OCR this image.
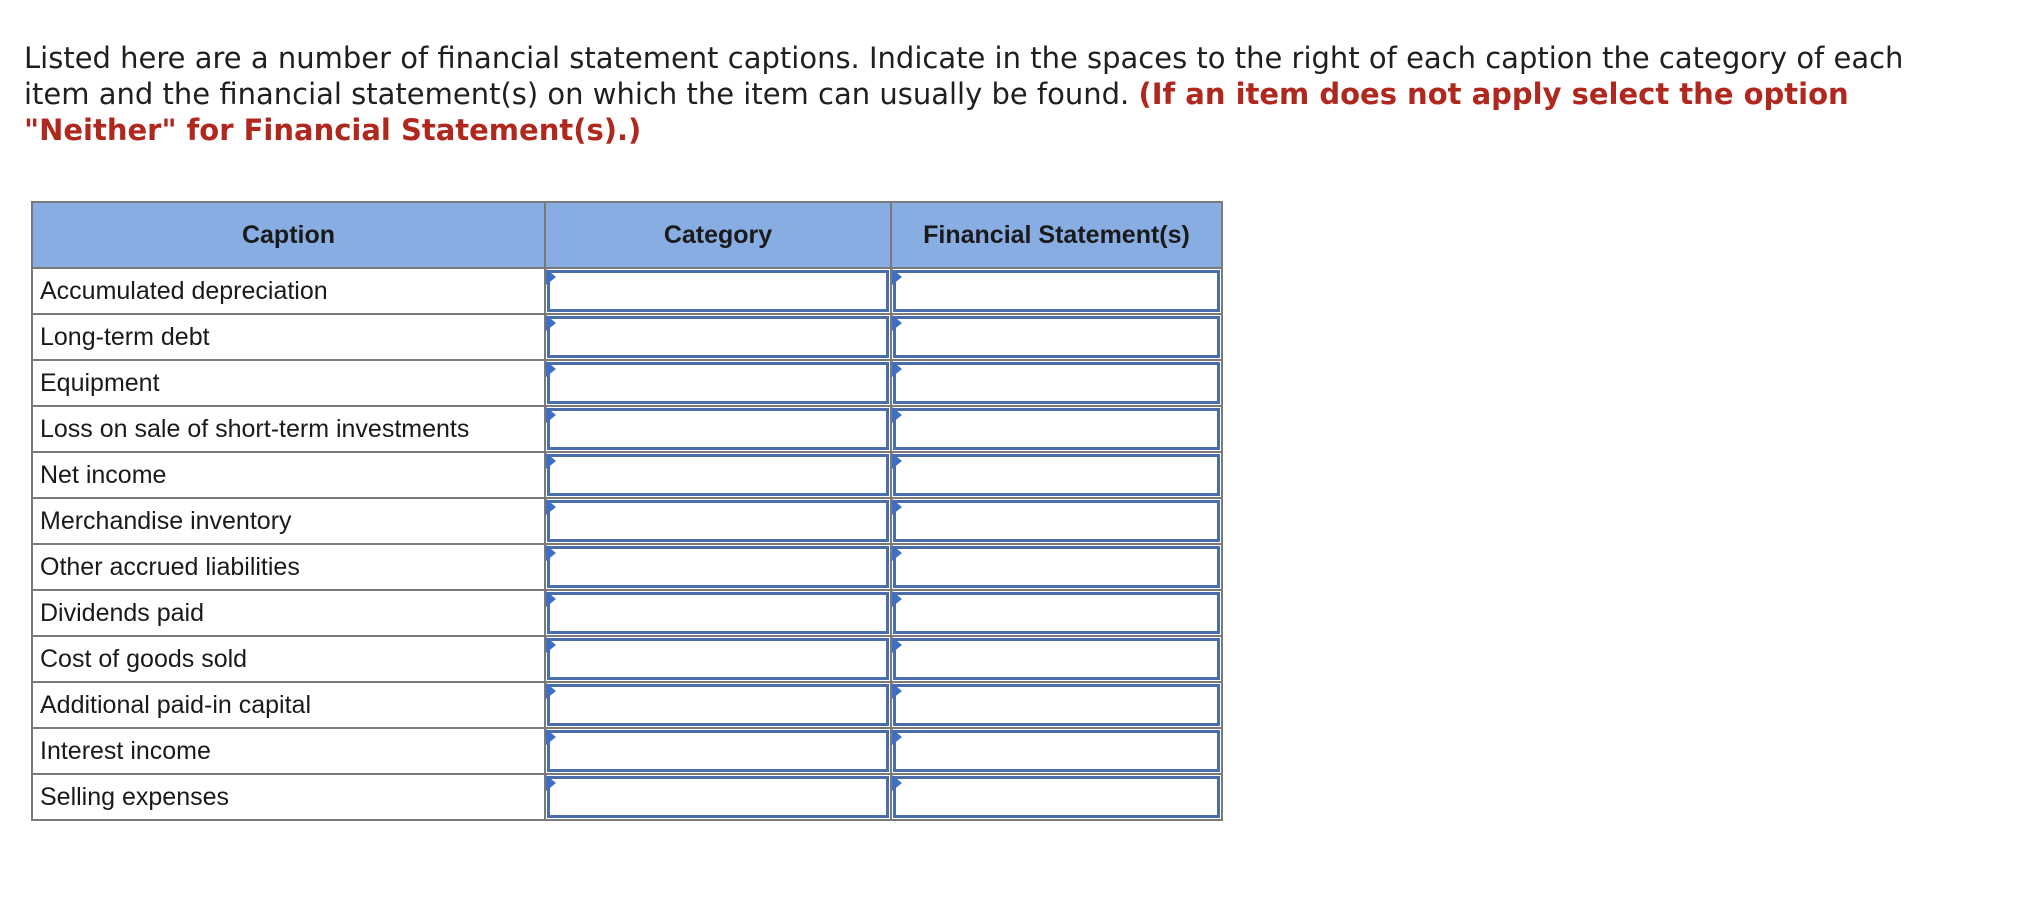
Listed here are a number of financial statement captions. Indicate in the spaces to the right of each caption the category of each item and the financial statement(s) on which the item can usually be found. (If an item does not apply select the option "Neither" for Financial Statement(s).)
Caption	Category	Financial Statement(s)
Accumulated depreciation	

Long-term debt	

Equipment	

Loss on sale of short-term investments	

Net income	

Merchandise inventory	

Other accrued liabilities	

Dividends paid	

Cost of goods sold	

Additional paid-in capital	

Interest income	

Selling expenses	
